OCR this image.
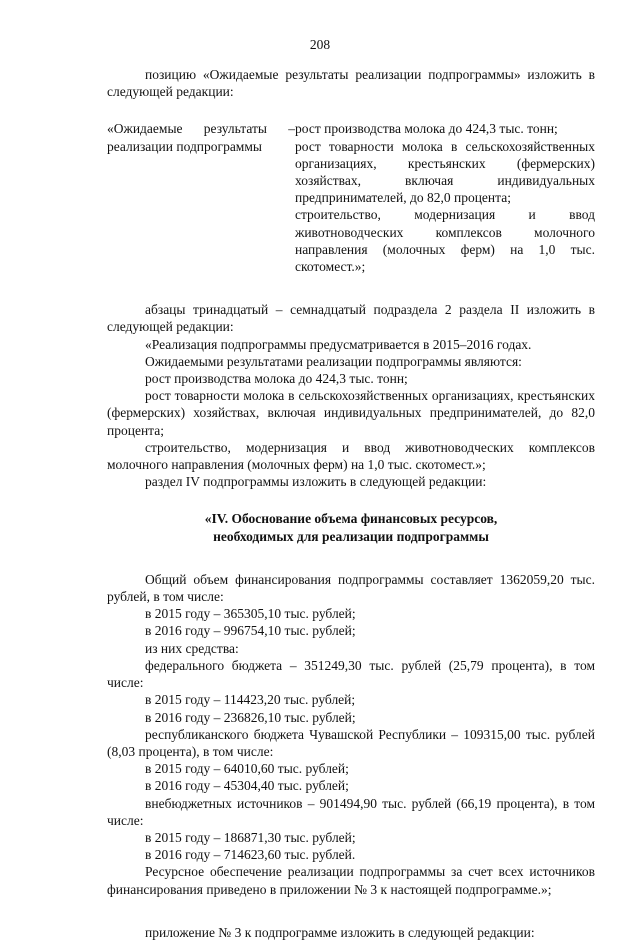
208

позицию «Ожидаемые результаты реализации подпрограммы» изложить в следующей редакции:

«Ожидаемые результаты – реализации подпрограммы

рост производства молока до 424,3 тыс. тонн;

рост товарности молока в сельскохозяйственных организациях, крестьянских (фермерских) хозяйствах, включая индивидуальных предпринимателей, до 82,0 процента;

строительство, модернизация и ввод животноводческих комплексов молочного направления (молочных ферм) на 1,0 тыс. скотомест.»;

абзацы тринадцатый – семнадцатый подраздела 2 раздела II изложить в следующей редакции:

«Реализация подпрограммы предусматривается в 2015–2016 годах.

Ожидаемыми результатами реализации подпрограммы являются:

рост производства молока до 424,3 тыс. тонн;

рост товарности молока в сельскохозяйственных организациях, крестьянских (фермерских) хозяйствах, включая индивидуальных предпринимателей, до 82,0 процента;

строительство, модернизация и ввод животноводческих комплексов молочного направления (молочных ферм) на 1,0 тыс. скотомест.»;

раздел IV подпрограммы изложить в следующей редакции:

«IV. Обоснование объема финансовых ресурсов,
необходимых для реализации подпрограммы

Общий объем финансирования подпрограммы составляет 1362059,20 тыс. рублей, в том числе:

в 2015 году – 365305,10 тыс. рублей;

в 2016 году – 996754,10 тыс. рублей;

из них средства:

федерального бюджета – 351249,30 тыс. рублей (25,79 процента), в том числе:

в 2015 году – 114423,20 тыс. рублей;

в 2016 году – 236826,10 тыс. рублей;

республиканского бюджета Чувашской Республики – 109315,00 тыс. рублей (8,03 процента), в том числе:

в 2015 году – 64010,60 тыс. рублей;

в 2016 году – 45304,40 тыс. рублей;

внебюджетных источников – 901494,90 тыс. рублей (66,19 процента), в том числе:

в 2015 году – 186871,30 тыс. рублей;

в 2016 году – 714623,60 тыс. рублей.

Ресурсное обеспечение реализации подпрограммы за счет всех источников финансирования приведено в приложении № 3 к настоящей подпрограмме.»;

приложение № 3 к подпрограмме изложить в следующей редакции:
